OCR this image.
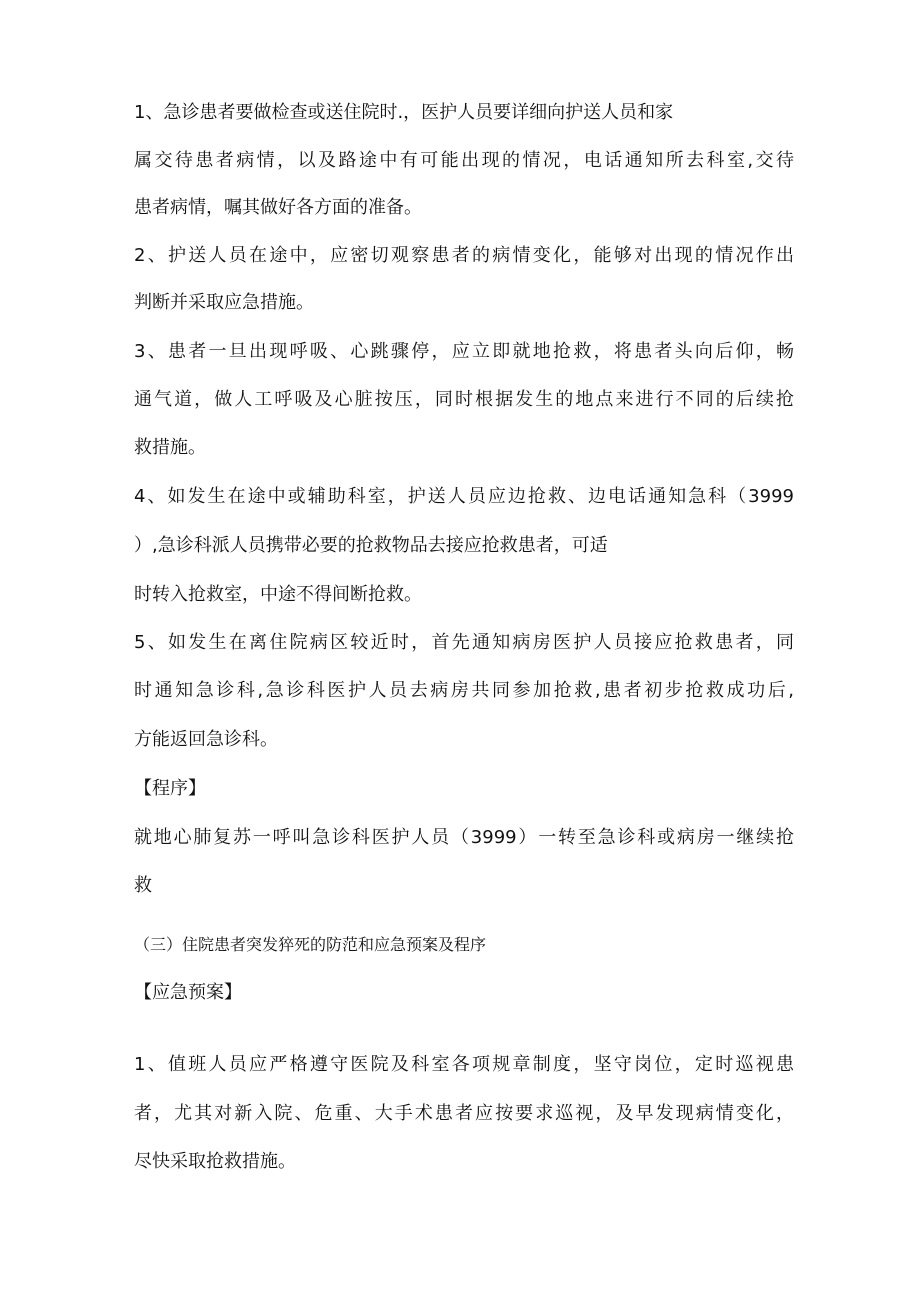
1、急诊患者要做检查或送住院时.，医护人员要详细向护送人员和家
属交待患者病情，以及路途中有可能出现的情况，电话通知所去科室,交待
患者病情，嘱其做好各方面的准备。
2、护送人员在途中，应密切观察患者的病情变化，能够对出现的情况作出
判断并采取应急措施。
3、患者一旦出现呼吸、心跳骤停，应立即就地抢救，将患者头向后仰，畅
通气道，做人工呼吸及心脏按压，同时根据发生的地点来进行不同的后续抢
救措施。
4、如发生在途中或辅助科室，护送人员应边抢救、边电话通知急科（3999
）,急诊科派人员携带必要的抢救物品去接应抢救患者，可适
时转入抢救室，中途不得间断抢救。
5、如发生在离住院病区较近时，首先通知病房医护人员接应抢救患者，同
时通知急诊科,急诊科医护人员去病房共同参加抢救,患者初步抢救成功后,
方能返回急诊科。
【程序】
就地心肺复苏一呼叫急诊科医护人员（3999）一转至急诊科或病房一继续抢
救
（三）住院患者突发猝死的防范和应急预案及程序
【应急预案】
1、值班人员应严格遵守医院及科室各项规章制度，坚守岗位，定时巡视患
者，尤其对新入院、危重、大手术患者应按要求巡视，及早发现病情变化，
尽快采取抢救措施。
